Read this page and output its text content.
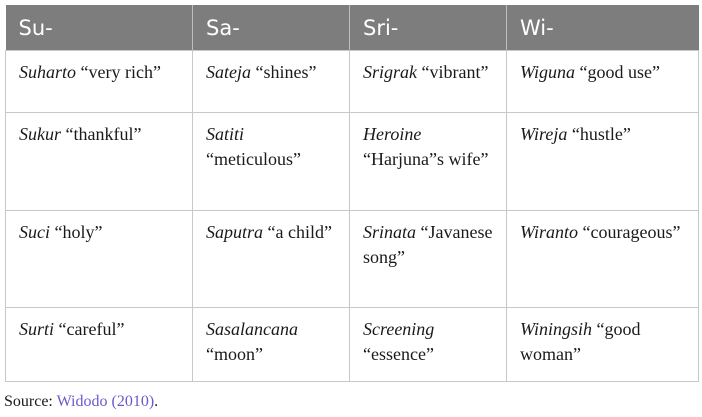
Su-	Sa-	Sri-	Wi-
Suharto “very rich”	Sateja “shines”	Srigrak “vibrant”	Wiguna “good use”
Sukur “thankful”	Satiti “meticulous”	Heroine “Harjuna”s wife”	Wireja “hustle”
Suci “holy”	Saputra “a child”	Srinata “Javanese song”	Wiranto “courageous”
Surti “careful”	Sasalancana “moon”	Screening “essence”	Winingsih “good woman”
Source: Widodo (2010).
